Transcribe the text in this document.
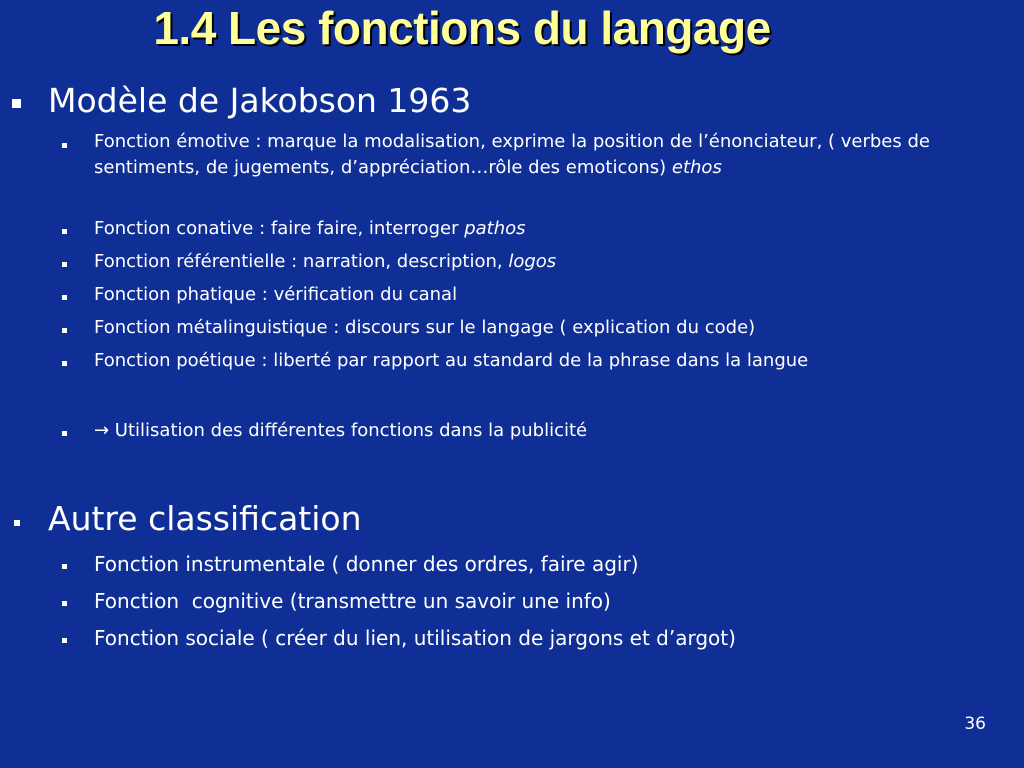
1.4 Les fonctions du langage
Modèle de Jakobson 1963
Fonction émotive : marque la modalisation, exprime la position de l’énonciateur, ( verbes de sentiments, de jugements, d’appréciation…rôle des emoticons) ethos
Fonction conative : faire faire, interroger pathos
Fonction référentielle : narration, description, logos
Fonction phatique : vérification du canal
Fonction métalinguistique : discours sur le langage ( explication du code)
Fonction poétique : liberté par rapport au standard de la phrase dans la langue
→ Utilisation des différentes fonctions dans la publicité
Autre classification
Fonction instrumentale ( donner des ordres, faire agir)
Fonction  cognitive (transmettre un savoir une info)
Fonction sociale ( créer du lien, utilisation de jargons et d’argot)
36
